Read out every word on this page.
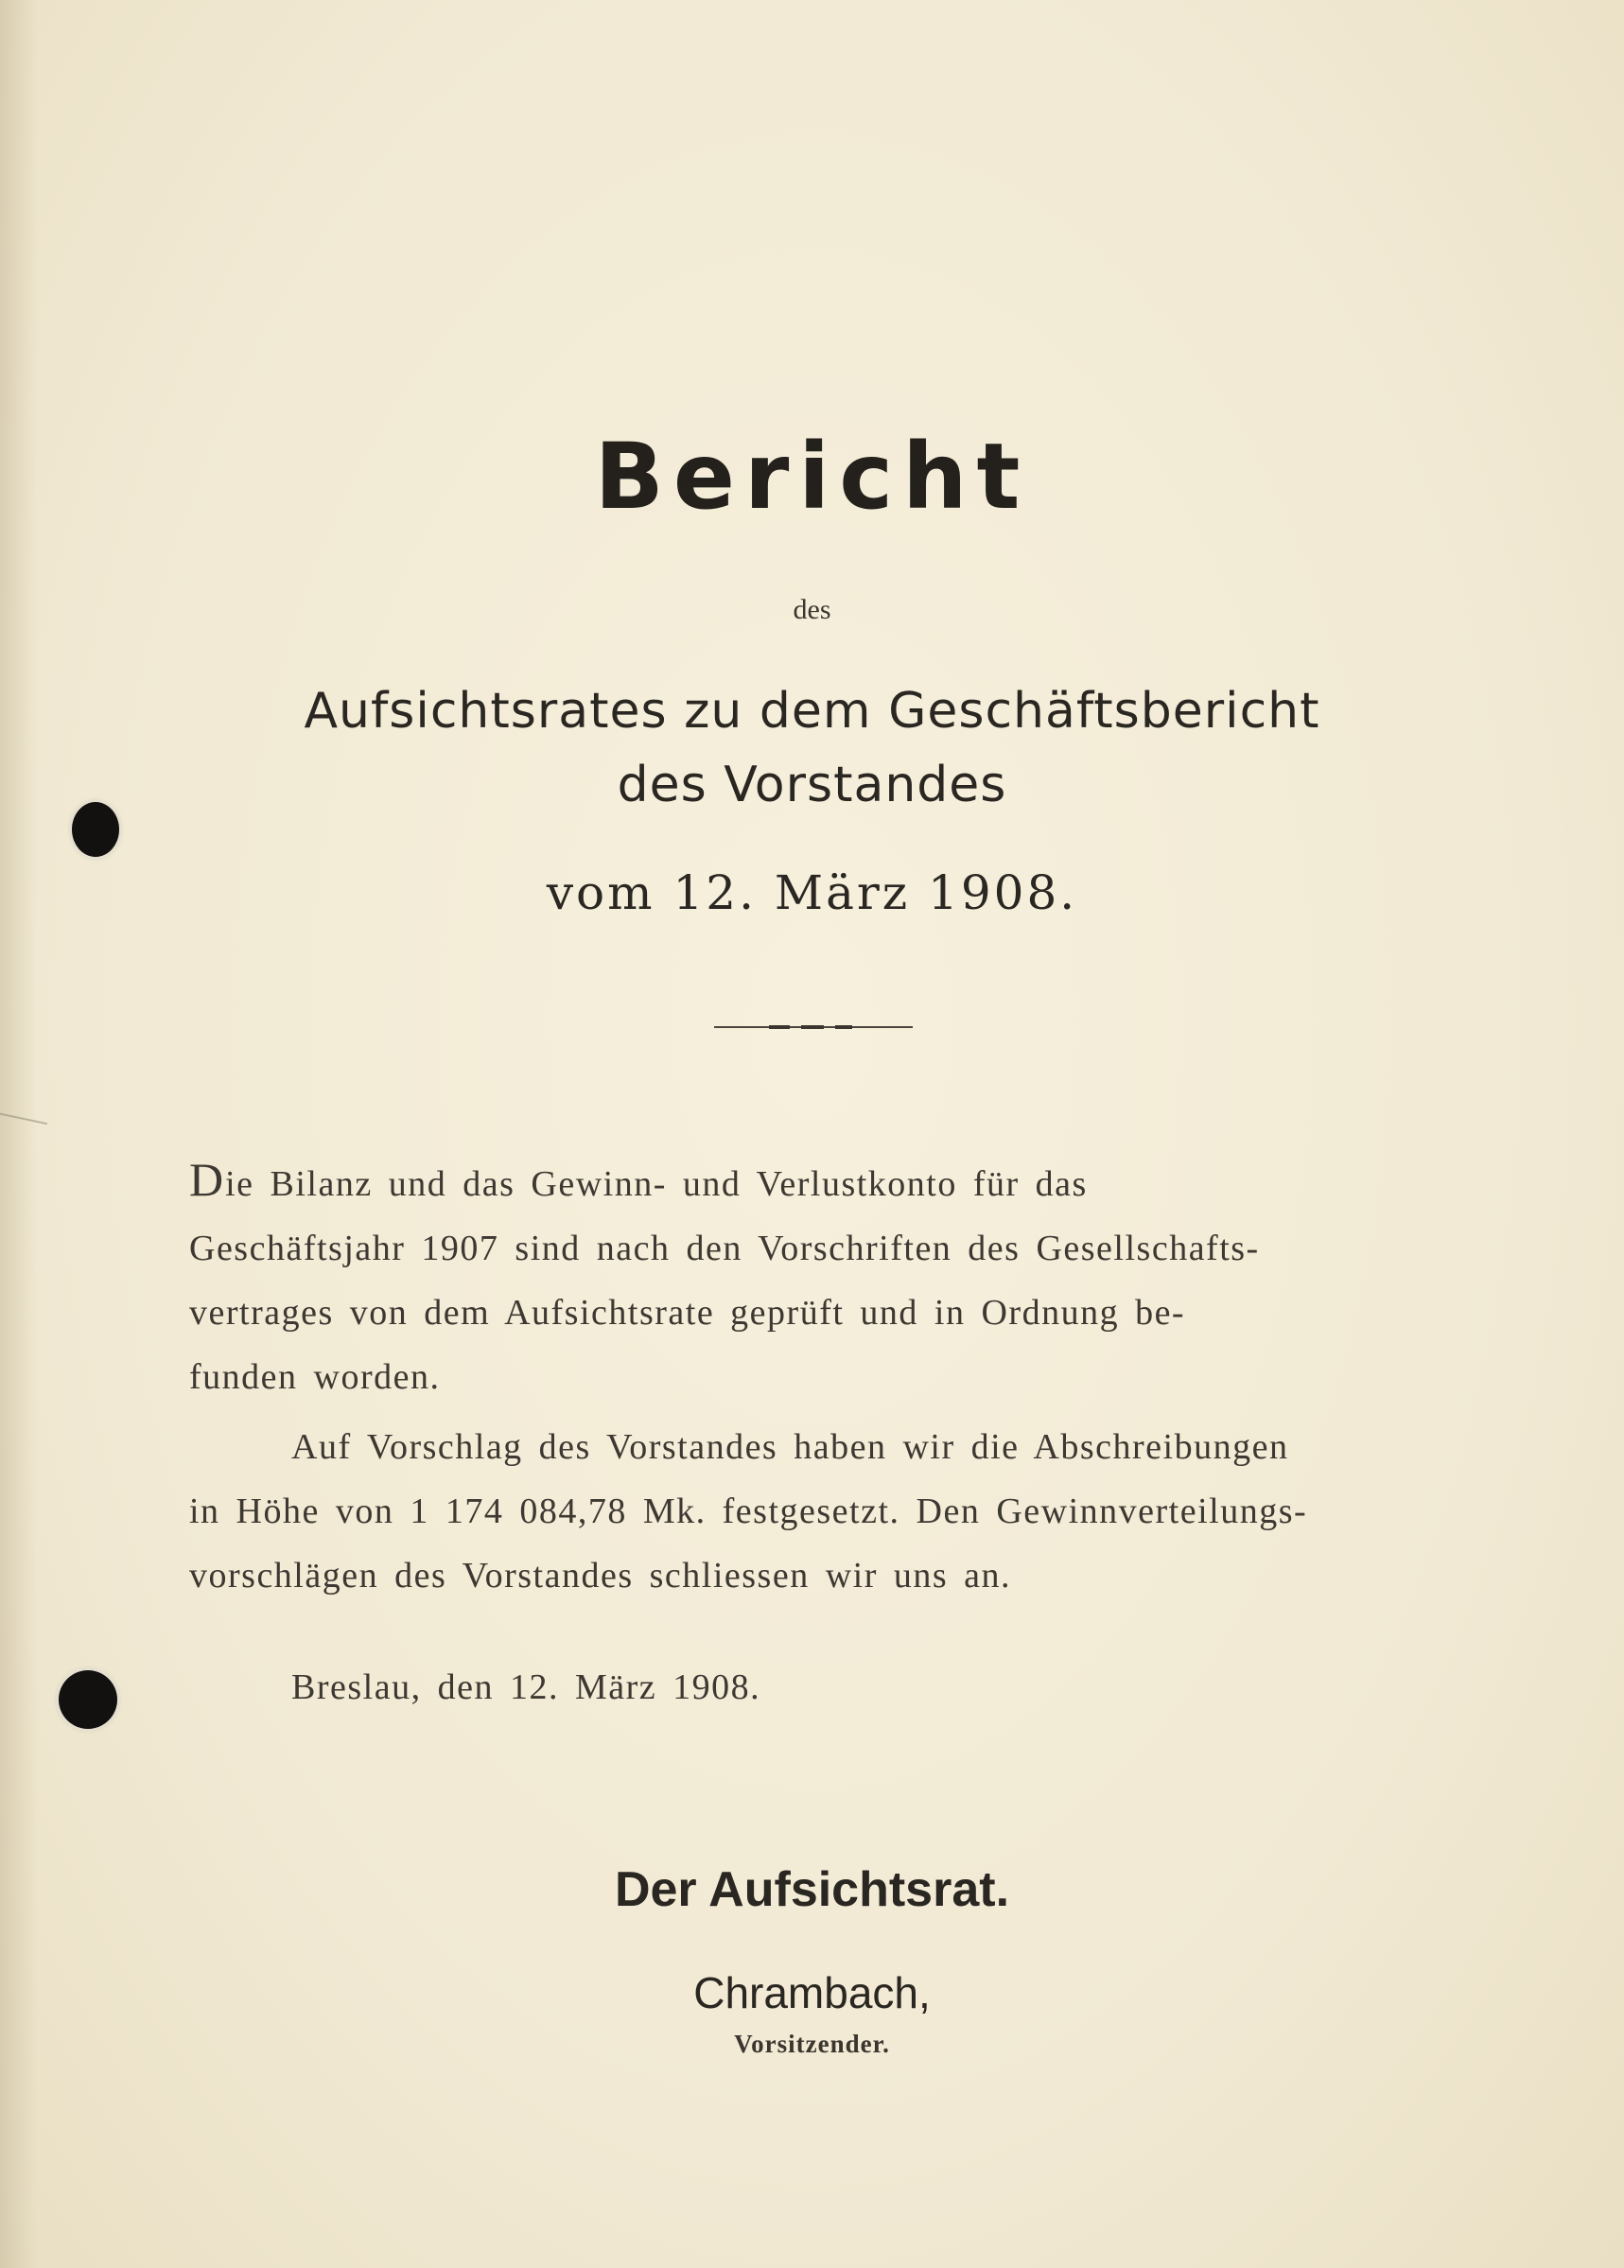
Bericht
des
Aufsichtsrates zu dem Geschäftsbericht
des Vorstandes
vom 12. März 1908.
Die Bilanz und das Gewinn- und Verlustkonto für das
Geschäftsjahr 1907 sind nach den Vorschriften des Gesellschafts-
vertrages von dem Aufsichtsrate geprüft und in Ordnung be-
funden worden.
Auf Vorschlag des Vorstandes haben wir die Abschreibungen
in Höhe von 1 174 084,78 Mk. festgesetzt. Den Gewinnverteilungs-
vorschlägen des Vorstandes schliessen wir uns an.
Breslau, den 12. März 1908.
Der Aufsichtsrat.
Chrambach,
Vorsitzender.
